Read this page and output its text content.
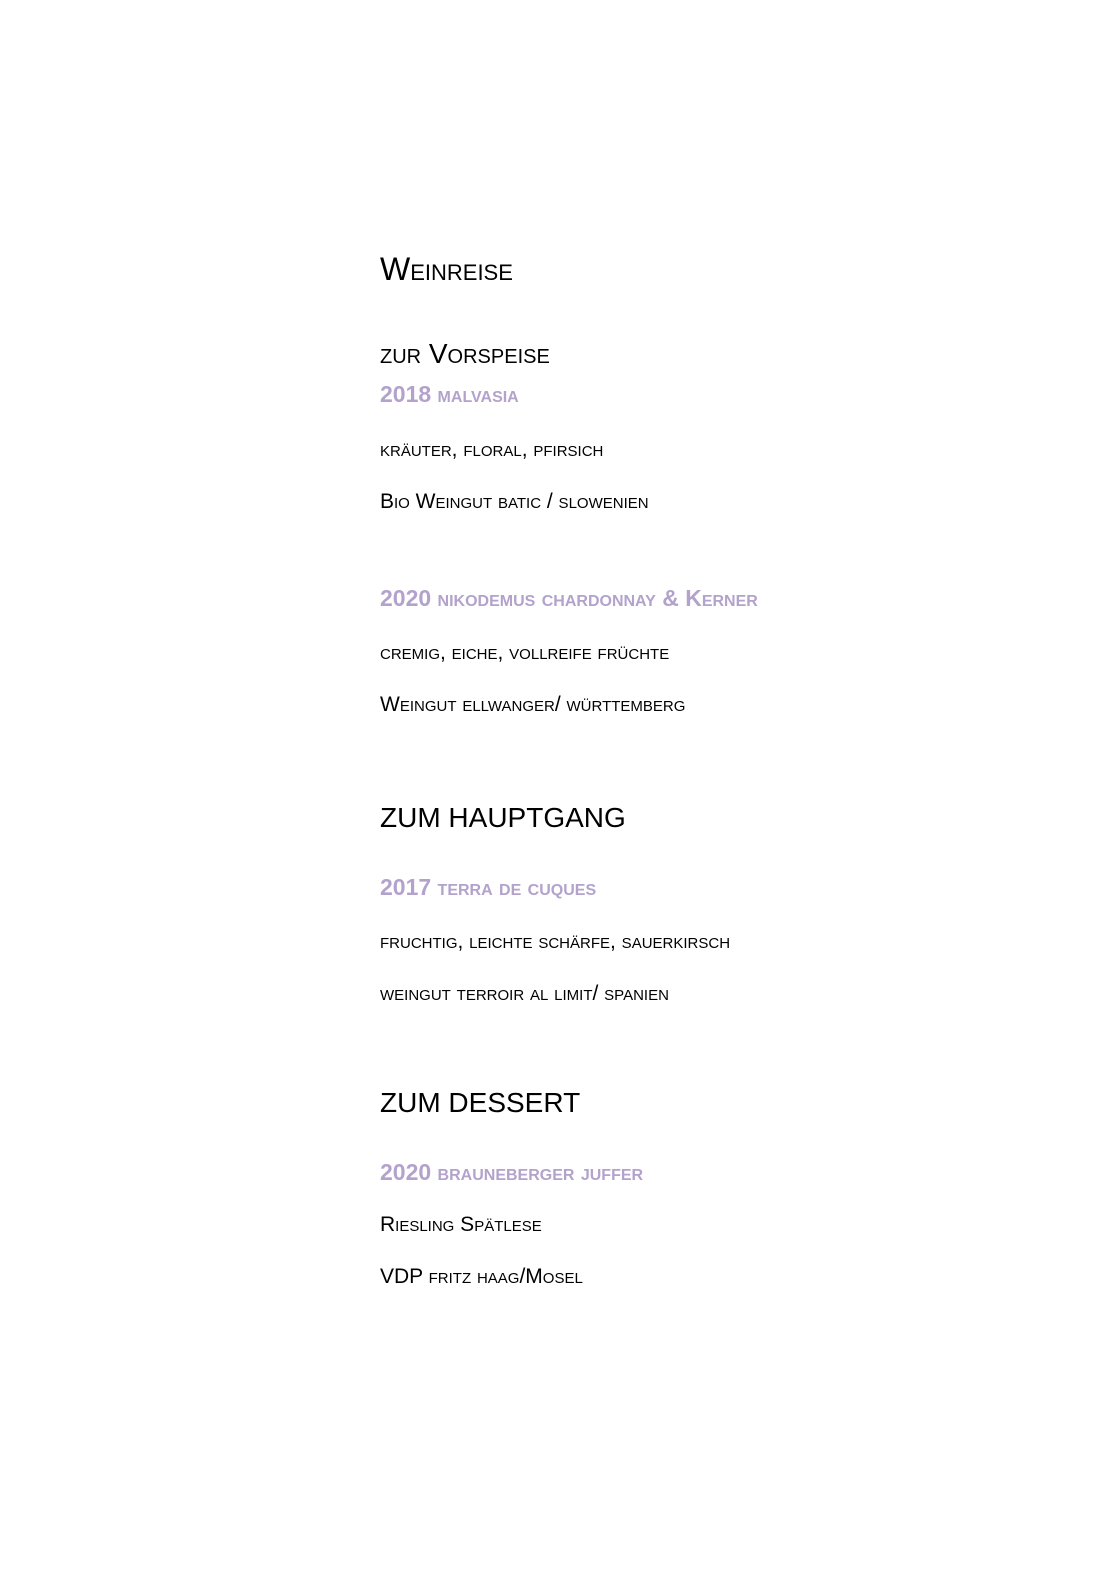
Weinreise
zur Vorspeise
2018 malvasia
kräuter, floral, pfirsich
Bio Weingut batic / slowenien
2020 nikodemus chardonnay & Kerner
cremig, eiche, vollreife früchte
Weingut ellwanger/ württemberg
ZUM HAUPTGANG
2017 terra de cuques
fruchtig, leichte schärfe, sauerkirsch
weingut terroir al limit/ spanien
ZUM DESSERT
2020 brauneberger juffer
Riesling Spätlese
VDP fritz haag/Mosel
